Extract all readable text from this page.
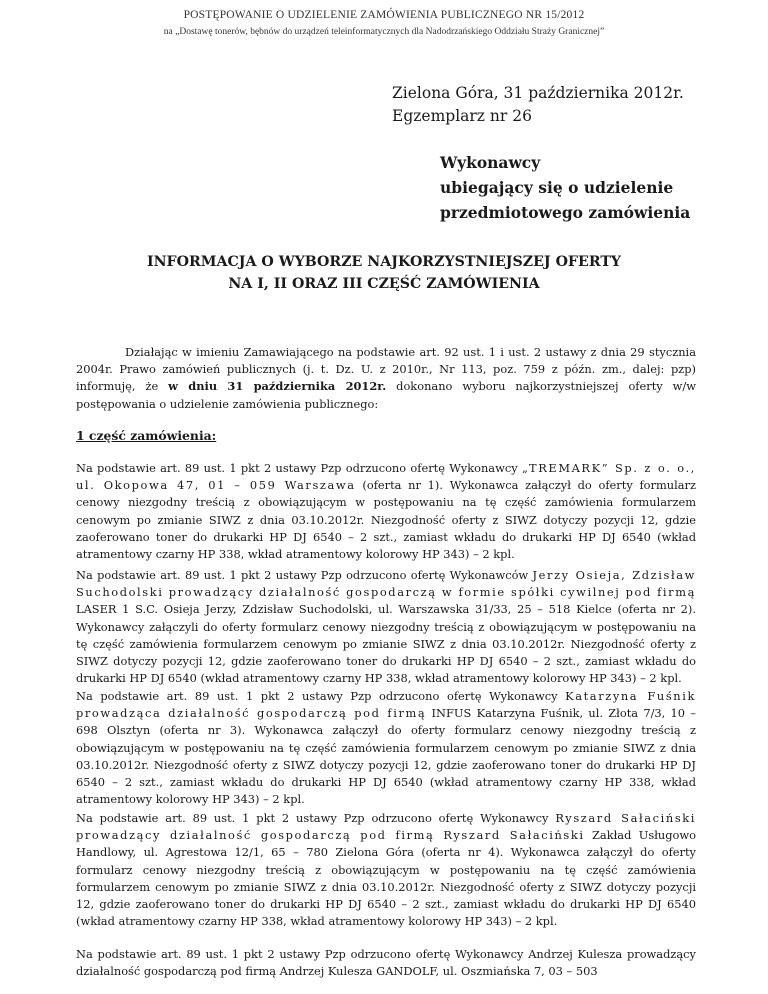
POSTĘPOWANIE O UDZIELENIE ZAMÓWIENIA PUBLICZNEGO NR 15/2012
na „Dostawę tonerów, bębnów do urządzeń teleinformatycznych dla Nadodrzańskiego Oddziału Straży Granicznej”
Zielona Góra, 31 października 2012r.
Egzemplarz nr 26
Wykonawcy
ubiegający się o udzielenie
przedmiotowego zamówienia
INFORMACJA O WYBORZE NAJKORZYSTNIEJSZEJ OFERTY
NA I, II ORAZ III CZĘŚĆ ZAMÓWIENIA

Działając w imieniu Zamawiającego na podstawie art. 92 ust. 1 i ust. 2 ustawy z dnia 29 stycznia 2004r. Prawo zamówień publicznych (j. t. Dz. U. z 2010r., Nr 113, poz. 759 z późn. zm., dalej: pzp) informuję, że w dniu 31 października 2012r. dokonano wyboru najkorzystniejszej oferty w/w postępowania o udzielenie zamówienia publicznego:

1 część zamówienia:

Na podstawie art. 89 ust. 1 pkt 2 ustawy Pzp odrzucono ofertę Wykonawcy „TREMARK” Sp. z o. o., ul. Okopowa 47, 01 – 059 Warszawa (oferta nr 1). Wykonawca załączył do oferty formularz cenowy niezgodny treścią z obowiązującym w postępowaniu na tę część zamówienia formularzem cenowym po zmianie SIWZ z dnia 03.10.2012r. Niezgodność oferty z SIWZ dotyczy pozycji 12, gdzie zaoferowano toner do drukarki HP DJ 6540 – 2 szt., zamiast wkładu do drukarki HP DJ 6540 (wkład atramentowy czarny HP 338, wkład atramentowy kolorowy HP 343) – 2 kpl.

Na podstawie art. 89 ust. 1 pkt 2 ustawy Pzp odrzucono ofertę Wykonawców Jerzy Osieja, Zdzisław Suchodolski prowadzący działalność gospodarczą w formie spółki cywilnej pod firmą LASER 1 S.C. Osieja Jerzy, Zdzisław Suchodolski, ul. Warszawska 31/33, 25 – 518 Kielce (oferta nr 2). Wykonawcy załączyli do oferty formularz cenowy niezgodny treścią z obowiązującym w postępowaniu na tę część zamówienia formularzem cenowym po zmianie SIWZ z dnia 03.10.2012r. Niezgodność oferty z SIWZ dotyczy pozycji 12, gdzie zaoferowano toner do drukarki HP DJ 6540 – 2 szt., zamiast wkładu do drukarki HP DJ 6540 (wkład atramentowy czarny HP 338, wkład atramentowy kolorowy HP 343) – 2 kpl.

Na podstawie art. 89 ust. 1 pkt 2 ustawy Pzp odrzucono ofertę Wykonawcy Katarzyna Fuśnik prowadząca działalność gospodarczą pod firmą INFUS Katarzyna Fuśnik, ul. Złota 7/3, 10 – 698 Olsztyn (oferta nr 3). Wykonawca załączył do oferty formularz cenowy niezgodny treścią z obowiązującym w postępowaniu na tę część zamówienia formularzem cenowym po zmianie SIWZ z dnia 03.10.2012r. Niezgodność oferty z SIWZ dotyczy pozycji 12, gdzie zaoferowano toner do drukarki HP DJ 6540 – 2 szt., zamiast wkładu do drukarki HP DJ 6540 (wkład atramentowy czarny HP 338, wkład atramentowy kolorowy HP 343) – 2 kpl.

Na podstawie art. 89 ust. 1 pkt 2 ustawy Pzp odrzucono ofertę Wykonawcy Ryszard Sałaciński prowadzący działalność gospodarczą pod firmą Ryszard Sałaciński Zakład Usługowo Handlowy, ul. Agrestowa 12/1, 65 – 780 Zielona Góra (oferta nr 4). Wykonawca załączył do oferty formularz cenowy niezgodny treścią z obowiązującym w postępowaniu na tę część zamówienia formularzem cenowym po zmianie SIWZ z dnia 03.10.2012r. Niezgodność oferty z SIWZ dotyczy pozycji 12, gdzie zaoferowano toner do drukarki HP DJ 6540 – 2 szt., zamiast wkładu do drukarki HP DJ 6540 (wkład atramentowy czarny HP 338, wkład atramentowy kolorowy HP 343) – 2 kpl.

Na podstawie art. 89 ust. 1 pkt 2 ustawy Pzp odrzucono ofertę Wykonawcy Andrzej Kulesza prowadzący działalność gospodarczą pod firmą Andrzej Kulesza GANDOLF, ul. Oszmiańska 7, 03 – 503
